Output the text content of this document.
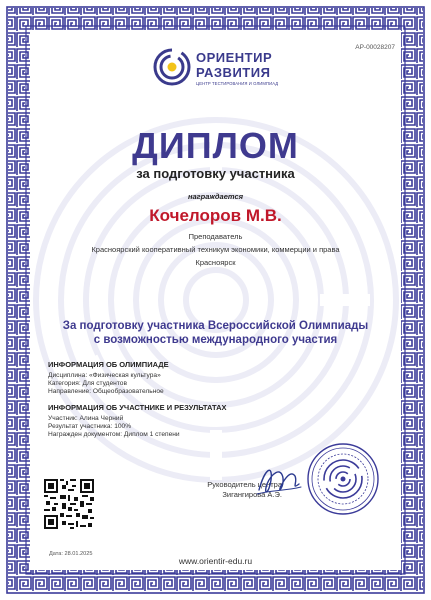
АР-00028207
ОРИЕНТИР
РАЗВИТИЯ
ЦЕНТР ТЕСТИРОВАНИЯ И ОЛИМПИАД
ДИПЛОМ
за подготовку участника
награждается
Кочелоров М.В.
Преподаватель
Красноярский кооперативный техникум экономики, коммерции и права
Красноярск
За подготовку участника Всероссийской Олимпиады
с возможностью международного участия
ИНФОРМАЦИЯ ОБ ОЛИМПИАДЕ
Дисциплина: «Физическая культура»
Категория: Для студентов
Направление: Общеобразовательное
ИНФОРМАЦИЯ ОБ УЧАСТНИКЕ И РЕЗУЛЬТАТАХ
Участник: Алина Черний
Результат участника: 100%
Награжден документом: Диплом 1 степени
Руководитель центра
Зигангирова А.Э.
Дата: 28.01.2025
www.orientir-edu.ru
